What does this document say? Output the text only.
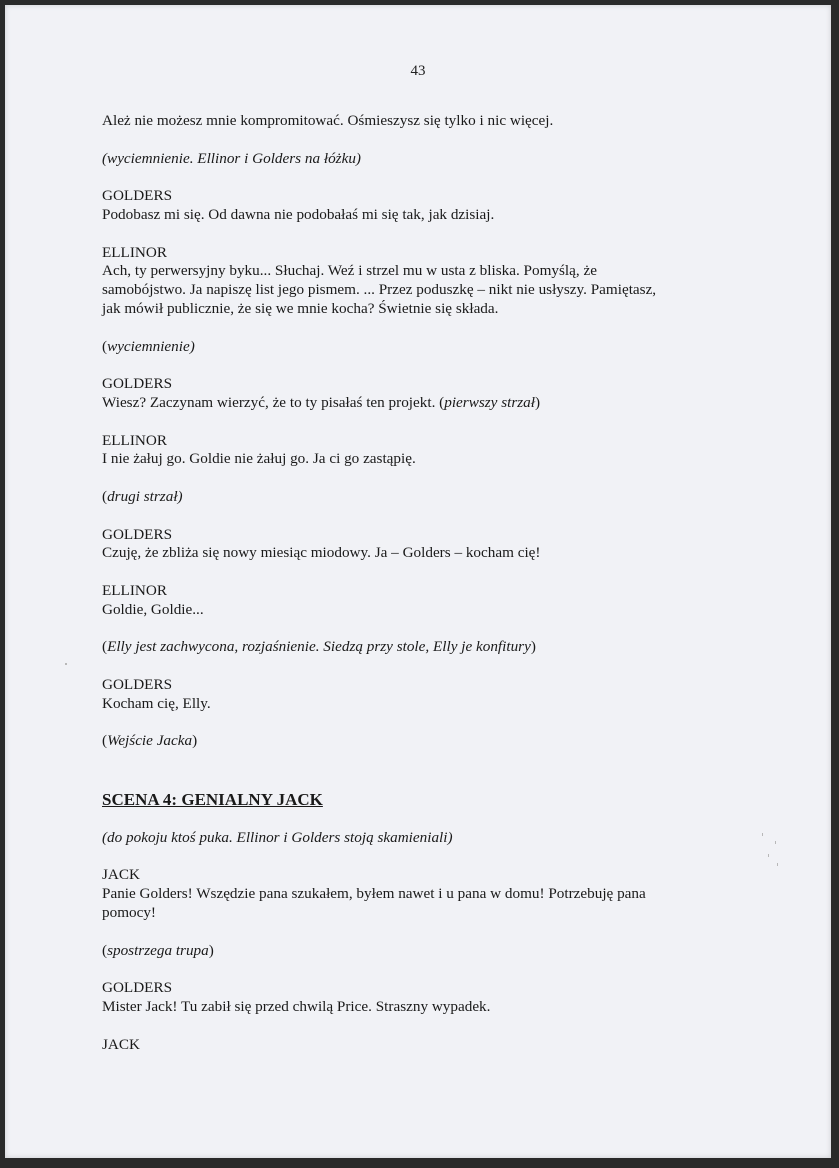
43
Ależ nie możesz mnie kompromitować. Ośmieszysz się tylko i nic więcej.
(wyciemnienie. Ellinor i Golders na łóżku)
GOLDERS
Podobasz mi się. Od dawna nie podobałaś mi się tak, jak dzisiaj.
ELLINOR
Ach, ty perwersyjny byku... Słuchaj. Weź i strzel mu w usta z bliska. Pomyślą, że
samobójstwo. Ja napiszę list jego pismem. ... Przez poduszkę – nikt nie usłyszy. Pamiętasz,
jak mówił publicznie, że się we mnie kocha? Świetnie się składa.
(wyciemnienie)
GOLDERS
Wiesz? Zaczynam wierzyć, że to ty pisałaś ten projekt. (pierwszy strzał)
ELLINOR
I nie żałuj go. Goldie nie żałuj go. Ja ci go zastąpię.
(drugi strzał)
GOLDERS
Czuję, że zbliża się nowy miesiąc miodowy. Ja – Golders – kocham cię!
ELLINOR
Goldie, Goldie...
(Elly jest zachwycona, rozjaśnienie. Siedzą przy stole, Elly je konfitury)
GOLDERS
Kocham cię, Elly.
(Wejście Jacka)
SCENA 4: GENIALNY JACK
(do pokoju ktoś puka. Ellinor i Golders stoją skamieniali)
JACK
Panie Golders! Wszędzie pana szukałem, byłem nawet i u pana w domu! Potrzebuję pana
pomocy!
(spostrzega trupa)
GOLDERS
Mister Jack! Tu zabił się przed chwilą Price. Straszny wypadek.
JACK
